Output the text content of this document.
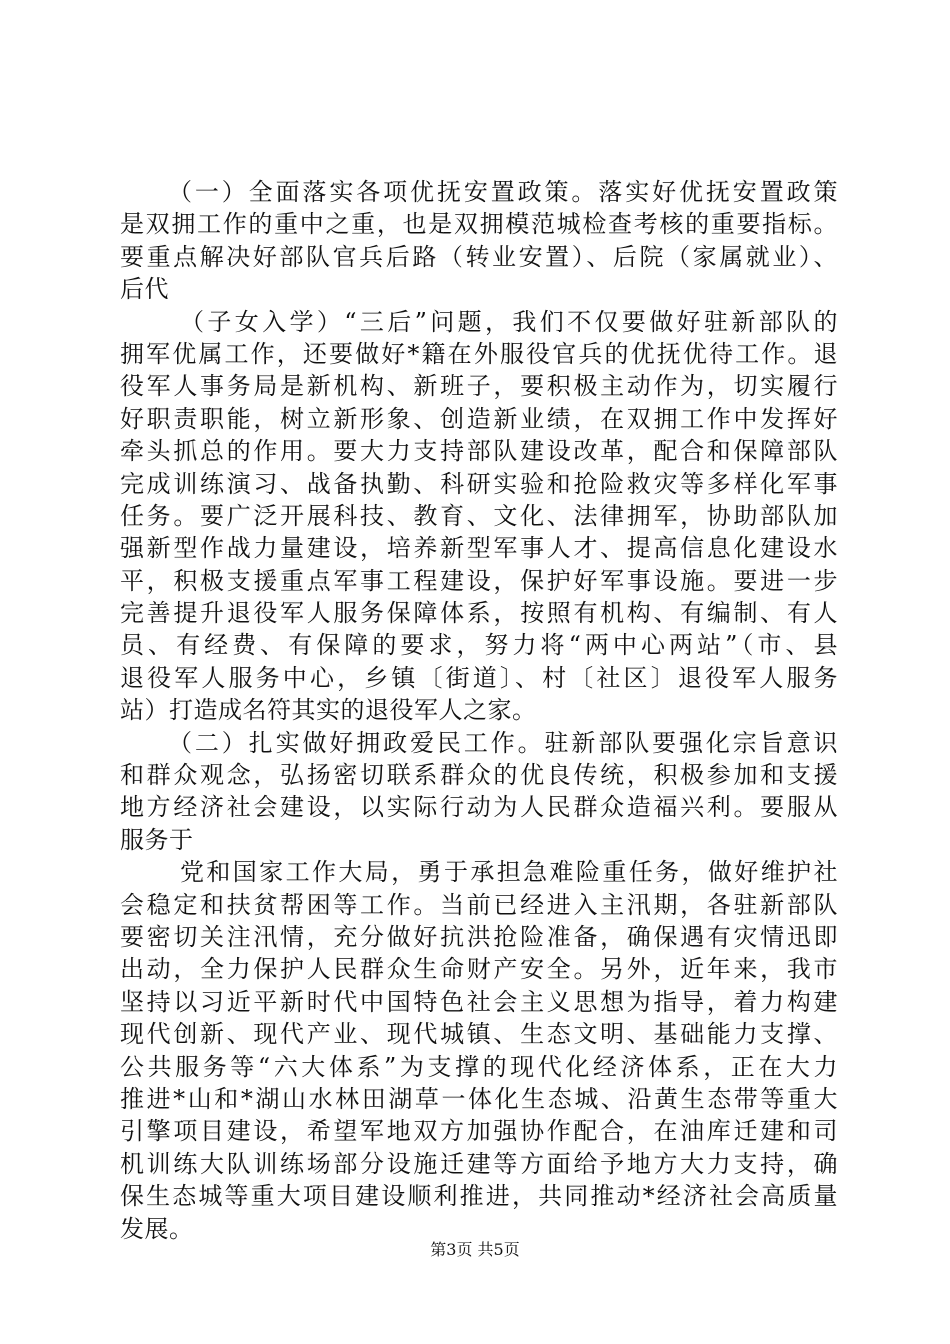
（一）全面落实各项优抚安置政策。落实好优抚安置政策
是双拥工作的重中之重，也是双拥模范城检查考核的重要指标。
要重点解决好部队官兵后路（转业安置）、后院（家属就业）、
后代
（子女入学）“三后”问题，我们不仅要做好驻新部队的
拥军优属工作，还要做好*籍在外服役官兵的优抚优待工作。退
役军人事务局是新机构、新班子，要积极主动作为，切实履行
好职责职能，树立新形象、创造新业绩，在双拥工作中发挥好
牵头抓总的作用。要大力支持部队建设改革，配合和保障部队
完成训练演习、战备执勤、科研实验和抢险救灾等多样化军事
任务。要广泛开展科技、教育、文化、法律拥军，协助部队加
强新型作战力量建设，培养新型军事人才、提高信息化建设水
平，积极支援重点军事工程建设，保护好军事设施。要进一步
完善提升退役军人服务保障体系，按照有机构、有编制、有人
员、有经费、有保障的要求，努力将“两中心两站”（市、县
退役军人服务中心，乡镇〔街道〕、村〔社区〕退役军人服务
站）打造成名符其实的退役军人之家。
（二）扎实做好拥政爱民工作。驻新部队要强化宗旨意识
和群众观念，弘扬密切联系群众的优良传统，积极参加和支援
地方经济社会建设，以实际行动为人民群众造福兴利。要服从
服务于
党和国家工作大局，勇于承担急难险重任务，做好维护社
会稳定和扶贫帮困等工作。当前已经进入主汛期，各驻新部队
要密切关注汛情，充分做好抗洪抢险准备，确保遇有灾情迅即
出动，全力保护人民群众生命财产安全。另外，近年来，我市
坚持以习近平新时代中国特色社会主义思想为指导，着力构建
现代创新、现代产业、现代城镇、生态文明、基础能力支撑、
公共服务等“六大体系”为支撑的现代化经济体系，正在大力
推进*山和*湖山水林田湖草一体化生态城、沿黄生态带等重大
引擎项目建设，希望军地双方加强协作配合，在油库迁建和司
机训练大队训练场部分设施迁建等方面给予地方大力支持，确
保生态城等重大项目建设顺利推进，共同推动*经济社会高质量
发展。
第3页 共5页
